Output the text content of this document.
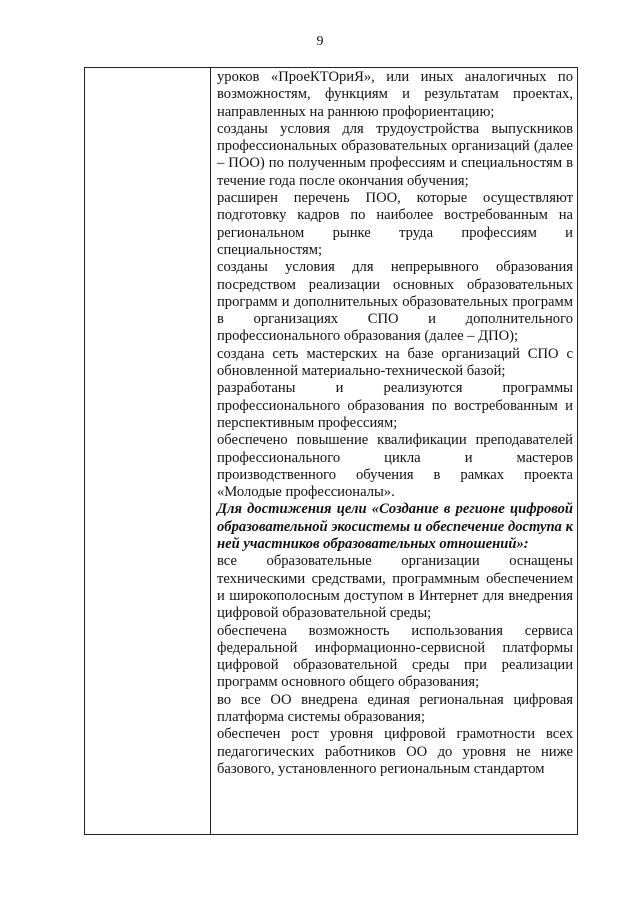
9

уроков «ПроеКТОриЯ», или иных аналогичных по возможностям, функциям и результатам проектах, направленных на раннюю профориентацию;

созданы условия для трудоустройства выпускников профессиональных образовательных организаций (далее – ПОО) по полученным профессиям и специальностям в течение года после окончания обучения;

расширен перечень ПОО, которые осуществляют подготовку кадров по наиболее востребованным на региональном рынке труда профессиям и специальностям;

созданы условия для непрерывного образования посредством реализации основных образовательных программ и дополнительных образовательных программ в организациях СПО и дополнительного профессионального образования (далее – ДПО);

создана сеть мастерских на базе организаций СПО с обновленной материально-технической базой;

разработаны и реализуются программы профессионального образования по востребованным и перспективным профессиям;

обеспечено повышение квалификации преподавателей профессионального цикла и мастеров производственного обучения в рамках проекта «Молодые профессионалы».

Для достижения цели «Создание в регионе цифровой образовательной экосистемы и обеспечение доступа к ней участников образовательных отношений»:

все образовательные организации оснащены техническими средствами, программным обеспечением и широкополосным доступом в Интернет для внедрения цифровой образовательной среды;

обеспечена возможность использования сервиса федеральной информационно-сервисной платформы цифровой образовательной среды при реализации программ основного общего образования;

во все ОО внедрена единая региональная цифровая платформа системы образования;

обеспечен рост уровня цифровой грамотности всех педагогических работников ОО до уровня не ниже базового, установленного региональным стандартом
